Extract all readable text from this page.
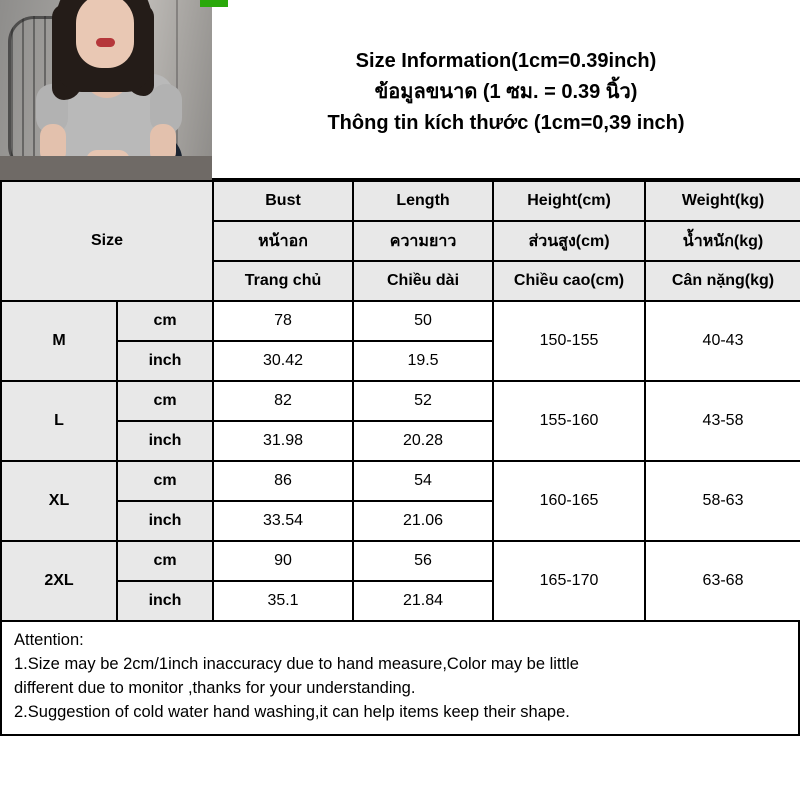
Size Information(1cm=0.39inch)
ข้อมูลขนาด (1 ซม. = 0.39 นิ้ว)
Thông tin kích thước (1cm=0,39 inch)
Size		Bust	Length	Height(cm)	Weight(kg)
		หน้าอก	ความยาว	ส่วนสูง(cm)	น้ำหนัก(kg)
		Trang chủ	Chiều dài	Chiều cao(cm)	Cân nặng(kg)
M	cm	78	50	150-155	40-43
	inch	30.42	19.5		
L	cm	82	52	155-160	43-58
	inch	31.98	20.28		
XL	cm	86	54	160-165	58-63
	inch	33.54	21.06		
2XL	cm	90	56	165-170	63-68
	inch	35.1	21.84		

Attention:

1.Size may be 2cm/1inch inaccuracy due to hand measure,Color may be little

different due to monitor ,thanks for your understanding.

2.Suggestion of cold water hand washing,it can help items keep their shape.
